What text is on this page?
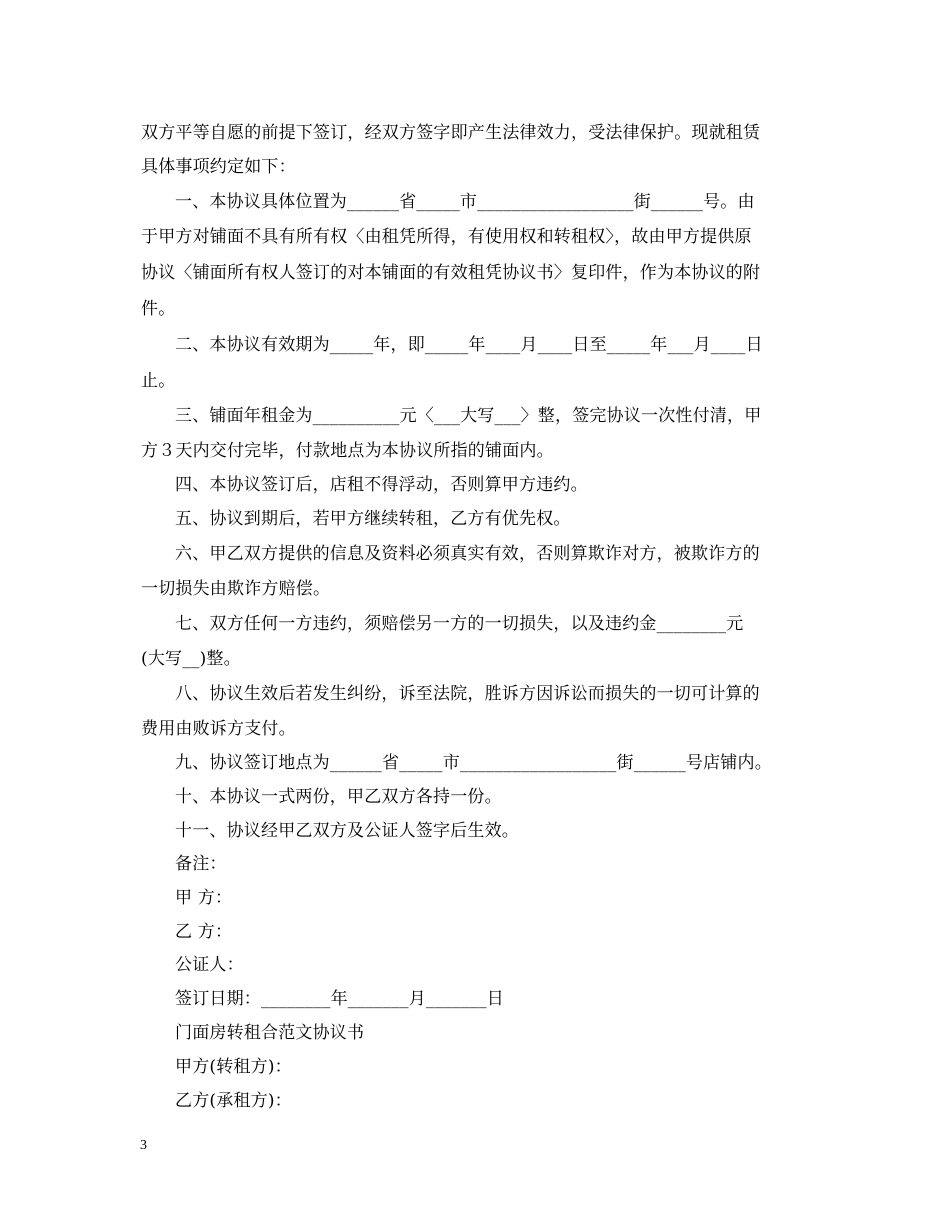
双方平等自愿的前提下签订，经双方签字即产生法律效力，受法律保护。现就租赁
具体事项约定如下：
一、本协议具体位置为______省_____市__________________街______号。由
于甲方对铺面不具有所有权〈由租凭所得，有使用权和转租权〉，故由甲方提供原
协议〈铺面所有权人签订的对本铺面的有效租凭协议书〉复印件，作为本协议的附
件。
二、本协议有效期为_____年，即_____年____月____日至_____年___月____日
止。
三、铺面年租金为__________元〈___大写___〉整，签完协议一次性付清，甲
方３天内交付完毕，付款地点为本协议所指的铺面内。
四、本协议签订后，店租不得浮动，否则算甲方违约。
五、协议到期后，若甲方继续转租，乙方有优先权。
六、甲乙双方提供的信息及资料必须真实有效，否则算欺诈对方，被欺诈方的
一切损失由欺诈方赔偿。
七、双方任何一方违约，须赔偿另一方的一切损失，以及违约金________元
(大写__)整。
八、协议生效后若发生纠纷，诉至法院，胜诉方因诉讼而损失的一切可计算的
费用由败诉方支付。
九、协议签订地点为______省_____市__________________街______号店铺内。
十、本协议一式两份，甲乙双方各持一份。
十一、协议经甲乙双方及公证人签字后生效。
备注：
甲 方：
乙 方：
公证人：
签订日期：________年_______月_______日
门面房转租合范文协议书
甲方(转租方)：
乙方(承租方)：
3
